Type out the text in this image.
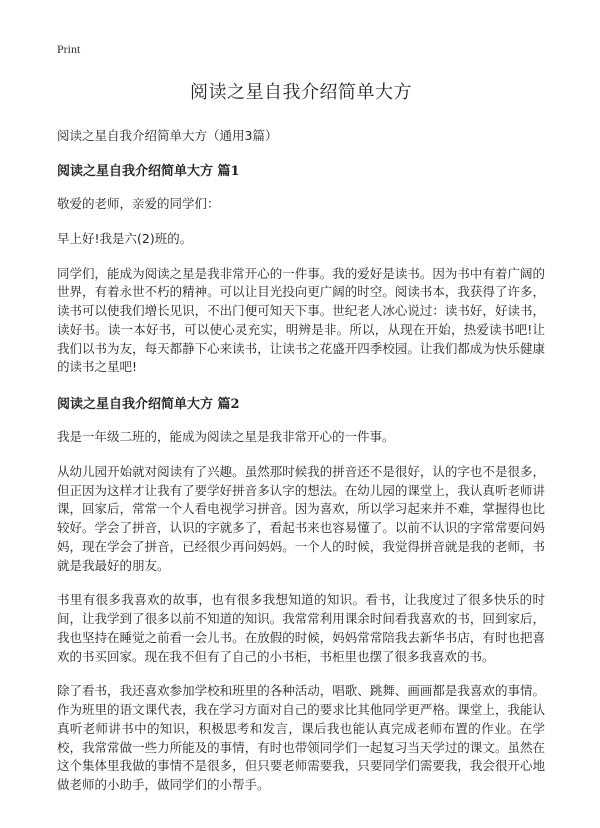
Print
阅读之星自我介绍简单大方

阅读之星自我介绍简单大方（通用3篇）

阅读之星自我介绍简单大方 篇1

敬爱的老师，亲爱的同学们：

早上好!我是六(2)班的。

同学们，能成为阅读之星是我非常开心的一件事。我的爱好是读书。因为书中有着广阔的世界，有着永世不朽的精神。可以让目光投向更广阔的时空。阅读书本，我获得了许多，读书可以使我们增长见识，不出门便可知天下事。世纪老人冰心说过：读书好，好读书，读好书。读一本好书，可以使心灵充实，明辨是非。所以，从现在开始，热爱读书吧!让我们以书为友，每天都静下心来读书，让读书之花盛开四季校园。让我们都成为快乐健康的读书之星吧!

阅读之星自我介绍简单大方 篇2

我是一年级二班的，能成为阅读之星是我非常开心的一件事。

从幼儿园开始就对阅读有了兴趣。虽然那时候我的拼音还不是很好，认的字也不是很多，但正因为这样才让我有了要学好拼音多认字的想法。在幼儿园的课堂上，我认真听老师讲课，回家后，常常一个人看电视学习拼音。因为喜欢，所以学习起来并不难，掌握得也比较好。学会了拼音，认识的字就多了，看起书来也容易懂了。以前不认识的字常常要问妈妈，现在学会了拼音，已经很少再问妈妈。一个人的时候，我觉得拼音就是我的老师，书就是我最好的朋友。

书里有很多我喜欢的故事，也有很多我想知道的知识。看书，让我度过了很多快乐的时间，让我学到了很多以前不知道的知识。我常常利用课余时间看我喜欢的书，回到家后，我也坚持在睡觉之前看一会儿书。在放假的时候，妈妈常常陪我去新华书店，有时也把喜欢的书买回家。现在我不但有了自己的小书柜，书柜里也摆了很多我喜欢的书。

除了看书，我还喜欢参加学校和班里的各种活动，唱歌、跳舞、画画都是我喜欢的事情。作为班里的语文课代表，我在学习方面对自己的要求比其他同学更严格。课堂上，我能认真听老师讲书中的知识，积极思考和发言，课后我也能认真完成老师布置的作业。在学校，我常常做一些力所能及的事情，有时也带领同学们一起复习当天学过的课文。虽然在这个集体里我做的事情不是很多，但只要老师需要我，只要同学们需要我，我会很开心地做老师的小助手，做同学们的小帮手。
